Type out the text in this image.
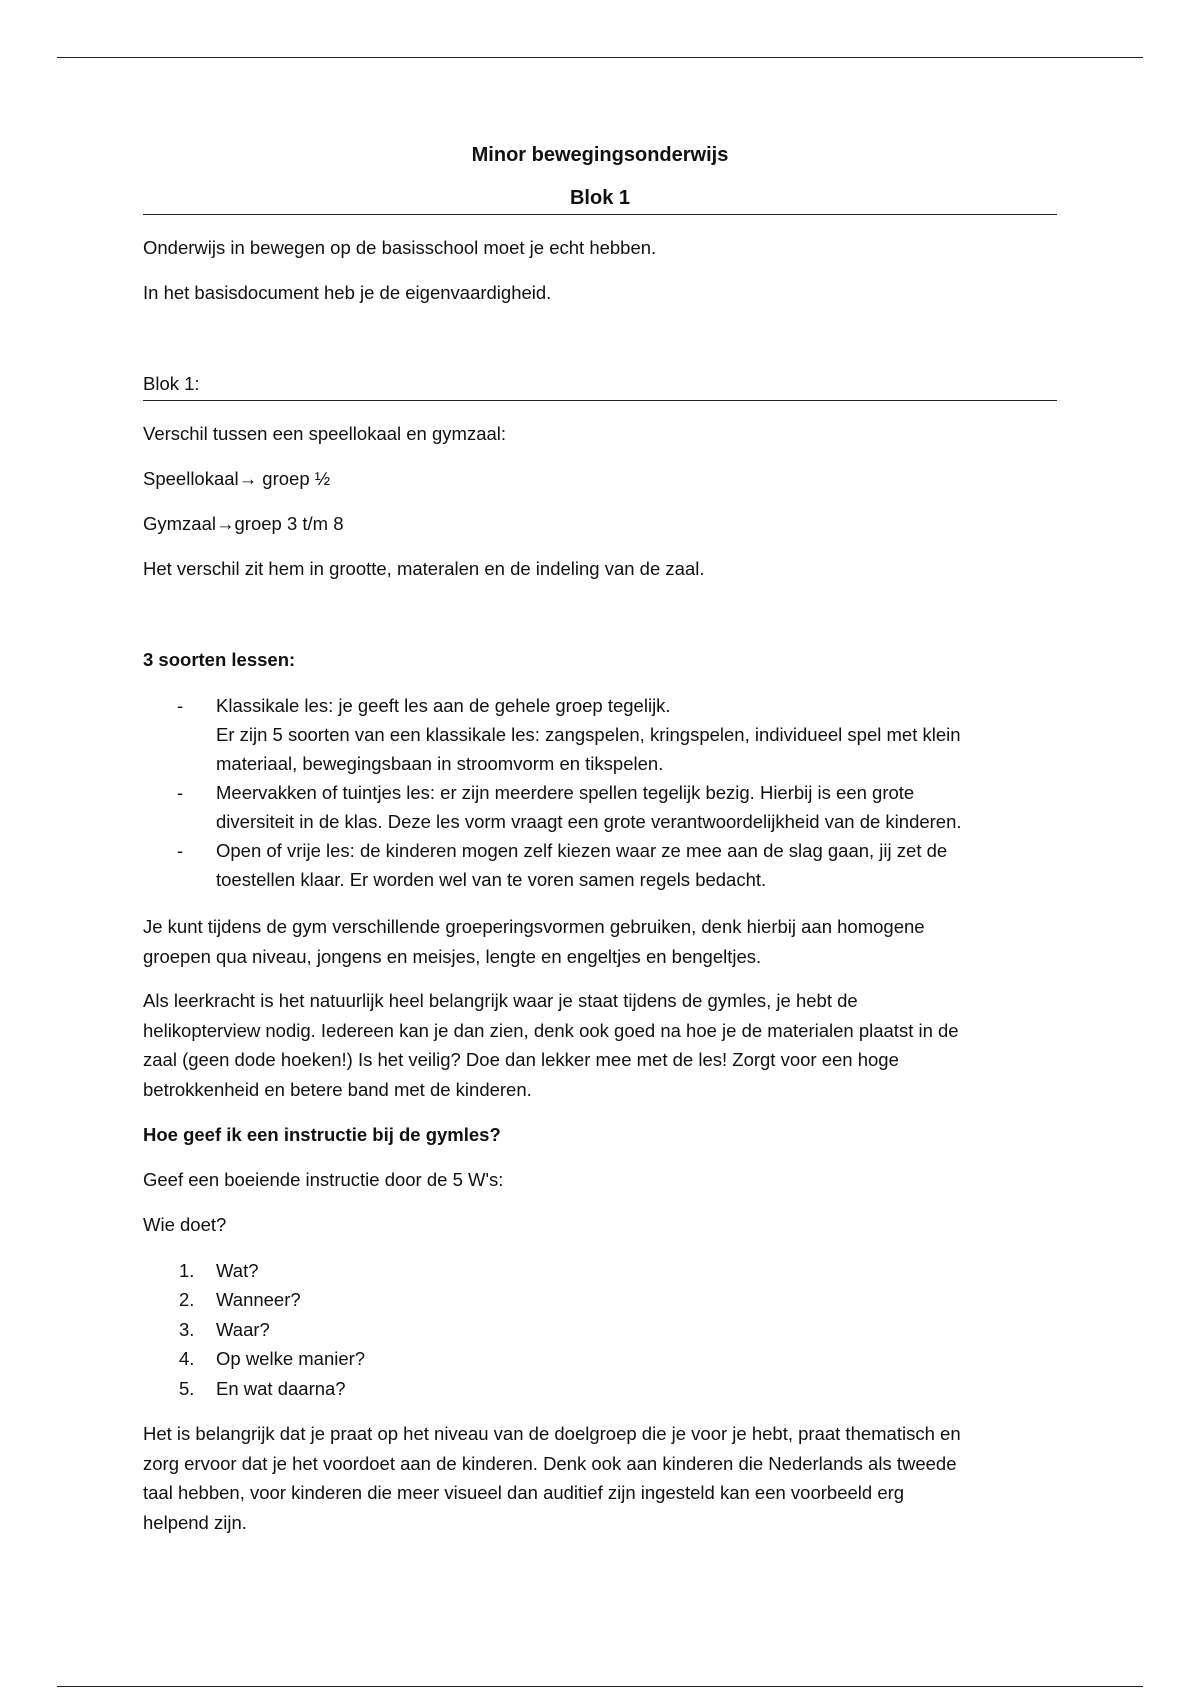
Minor bewegingsonderwijs
Blok 1
Onderwijs in bewegen op de basisschool moet je echt hebben.
In het basisdocument heb je de eigenvaardigheid.
Blok 1:
Verschil tussen een speellokaal en gymzaal:
Speellokaal→ groep ½
Gymzaal→groep 3 t/m 8
Het verschil zit hem in grootte, materalen en de indeling van de zaal.
3 soorten lessen:
- Klassikale les: je geeft les aan de gehele groep tegelijk.
Er zijn 5 soorten van een klassikale les: zangspelen, kringspelen, individueel spel met klein
materiaal, bewegingsbaan in stroomvorm en tikspelen.
- Meervakken of tuintjes les: er zijn meerdere spellen tegelijk bezig. Hierbij is een grote
diversiteit in de klas. Deze les vorm vraagt een grote verantwoordelijkheid van de kinderen.
- Open of vrije les: de kinderen mogen zelf kiezen waar ze mee aan de slag gaan, jij zet de
toestellen klaar. Er worden wel van te voren samen regels bedacht.
Je kunt tijdens de gym verschillende groeperingsvormen gebruiken, denk hierbij aan homogene
groepen qua niveau, jongens en meisjes, lengte en engeltjes en bengeltjes.
Als leerkracht is het natuurlijk heel belangrijk waar je staat tijdens de gymles, je hebt de
helikopterview nodig. Iedereen kan je dan zien, denk ook goed na hoe je de materialen plaatst in de
zaal (geen dode hoeken!) Is het veilig? Doe dan lekker mee met de les! Zorgt voor een hoge
betrokkenheid en betere band met de kinderen.
Hoe geef ik een instructie bij de gymles?
Geef een boeiende instructie door de 5 W's:
Wie doet?
1. Wat?
2. Wanneer?
3. Waar?
4. Op welke manier?
5. En wat daarna?
Het is belangrijk dat je praat op het niveau van de doelgroep die je voor je hebt, praat thematisch en
zorg ervoor dat je het voordoet aan de kinderen. Denk ook aan kinderen die Nederlands als tweede
taal hebben, voor kinderen die meer visueel dan auditief zijn ingesteld kan een voorbeeld erg
helpend zijn.
